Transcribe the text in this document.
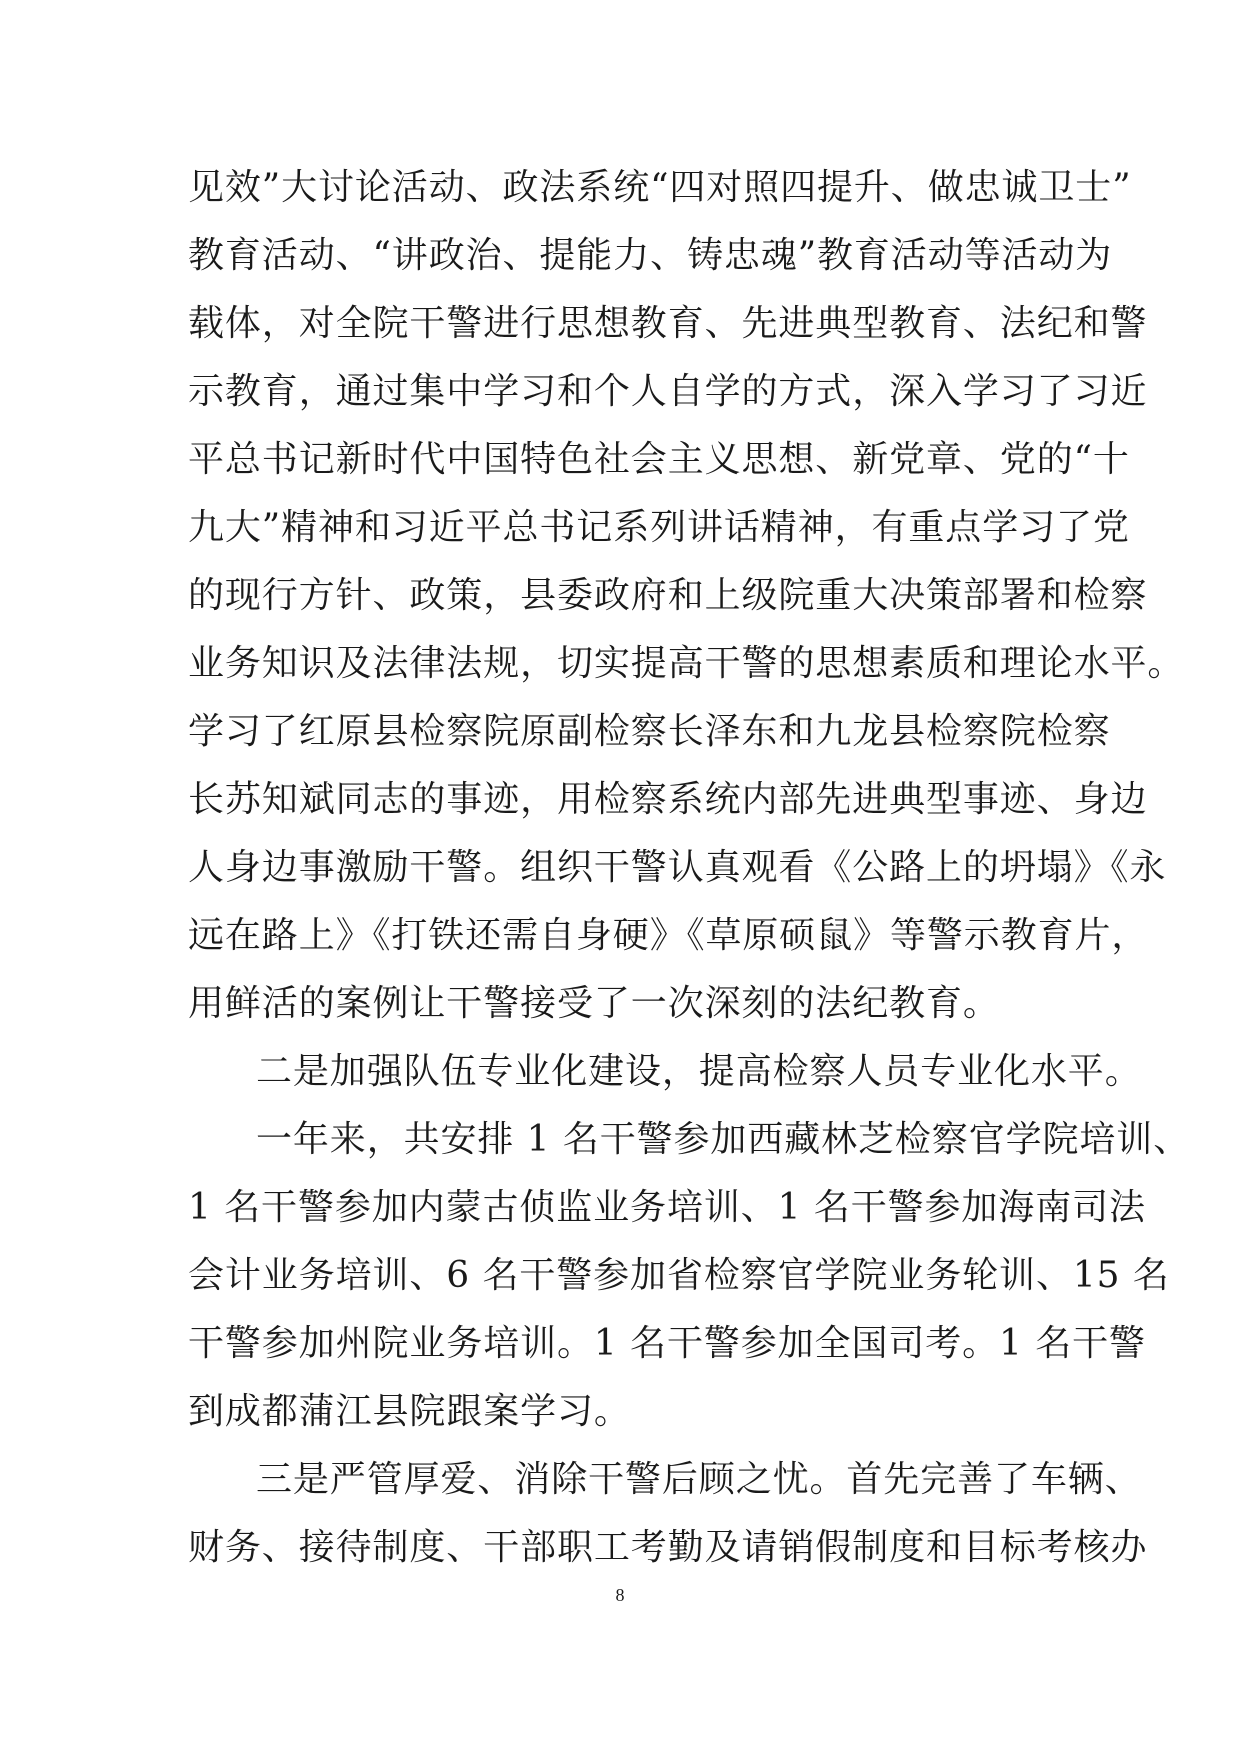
见效”大讨论活动、政法系统“四对照四提升、做忠诚卫士”
教育活动、“讲政治、提能力、铸忠魂”教育活动等活动为
载体，对全院干警进行思想教育、先进典型教育、法纪和警
示教育，通过集中学习和个人自学的方式，深入学习了习近
平总书记新时代中国特色社会主义思想、新党章、党的“十
九大”精神和习近平总书记系列讲话精神，有重点学习了党
的现行方针、政策，县委政府和上级院重大决策部署和检察
业务知识及法律法规，切实提高干警的思想素质和理论水平。
学习了红原县检察院原副检察长泽东和九龙县检察院检察
长苏知斌同志的事迹，用检察系统内部先进典型事迹、身边
人身边事激励干警。组织干警认真观看《公路上的坍塌》《永
远在路上》《打铁还需自身硬》《草原硕鼠》等警示教育片，
用鲜活的案例让干警接受了一次深刻的法纪教育。
二是加强队伍专业化建设，提高检察人员专业化水平。
一年来，共安排 1 名干警参加西藏林芝检察官学院培训、
1 名干警参加内蒙古侦监业务培训、1 名干警参加海南司法
会计业务培训、6 名干警参加省检察官学院业务轮训、15 名
干警参加州院业务培训。1 名干警参加全国司考。1 名干警
到成都蒲江县院跟案学习。
三是严管厚爱、消除干警后顾之忧。首先完善了车辆、
财务、接待制度、干部职工考勤及请销假制度和目标考核办
8
